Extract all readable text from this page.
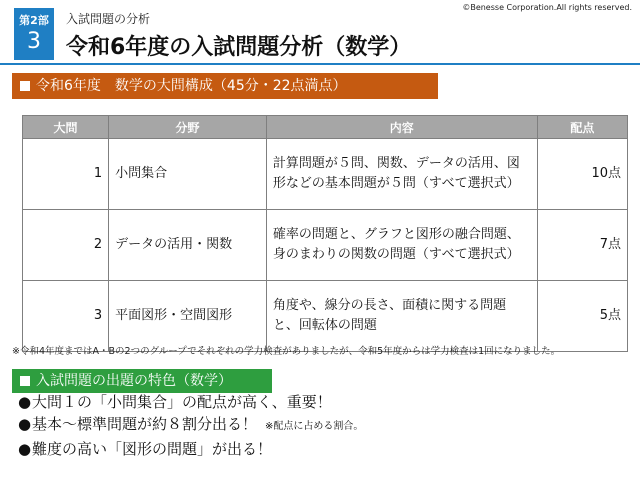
第2部
3
入試問題の分析
©Benesse Corporation.All rights reserved.
令和6年度の入試問題分析（数学）
令和6年度　数学の大問構成（45分・22点満点）
大問	分野	内容	配点
1	小問集合	計算問題が５問、関数、データの活用、図形などの基本問題が５問（すべて選択式）	10点
2	データの活用・関数	確率の問題と、グラフと図形の融合問題、身のまわりの関数の問題（すべて選択式）	7点
3	平面図形・空間図形	角度や、線分の長さ、面積に関する問題と、回転体の問題	5点
※令和4年度まではA・Bの2つのグループでそれぞれの学力検査がありましたが、令和5年度からは学力検査は1回になりました。
入試問題の出題の特色（数学）
●大問１の「小問集合」の配点が高く、重要！
●基本～標準問題が約８割分出る！ ※配点に占める割合。
●難度の高い「図形の問題」が出る！
